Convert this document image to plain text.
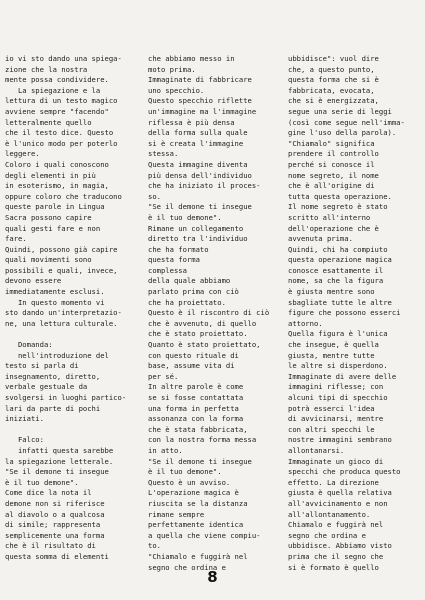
io vi sto dando una spiega-
zione che la nostra
mente possa condividere.
La spiegazione e la
lettura di un testo magico
avviene sempre "facendo"
letteralmente quello
che il testo dice. Questo
è l'unico modo per poterlo
leggere.
Coloro i quali conoscono
degli elementi in più
in esoterismo, in magia,
oppure coloro che traducono
queste parole in Lingua
Sacra possono capire
quali gesti fare e non
fare.
Quindi, possono già capire
quali movimenti sono
possibili e quali, invece,
devono essere
immediatamente esclusi.
In questo momento vi
sto dando un'interpretazio-
ne, una lettura culturale.
Domanda:
nell'introduzione del
testo si parla di
insegnamento, diretto,
verbale gestuale da
svolgersi in luoghi partico-
lari da parte di pochi
iniziati.
Falco:
infatti questa sarebbe
la spiegazione letterale.
"Se il demone ti insegue
è il tuo demone".
Come dice la nota il
demone non si riferisce
al diavolo o a qualcosa
di simile; rappresenta
semplicemente una forma
che è il risultato di
questa somma di elementi
che abbiamo messo in
moto prima.
Immaginate di fabbricare
uno specchio.
Questo specchio riflette
un'immagine ma l'immagine
riflessa è più densa
della forma sulla quale
si è creata l'immagine
stessa.
Questa immagine diventa
più densa dell'individuo
che ha iniziato il proces-
so.
"Se il demone ti insegue
è il tuo demone".
Rimane un collegamento
diretto tra l'individuo
che ha formato
questa forma
complessa
della quale abbiamo
parlato prima con ciò
che ha proiettato.
Questo è il riscontro di ciò
che è avvenuto, di quello
che è stato proiettato.
Quanto è stato proiettato,
con questo rituale di
base, assume vita di
per sé.
In altre parole è come
se si fosse contattata
una forma in perfetta
assonanza con la forma
che è stata fabbricata,
con la nostra forma messa
in atto.
"Se il demone ti insegue
è il tuo demone".
Questo è un avviso.
L'operazione magica è
riuscita se la distanza
rimane sempre
perfettamente identica
a quella che viene compiu-
to.
"Chiamalo e fuggirà nel
segno che ordina e
ubbidisce": vuol dire
che, a questo punto,
questa forma che si è
fabbricata, evocata,
che si è energizzata,
segue una serie di leggi
(così come segue nell'imma-
gine l'uso della parola).
"Chiamalo" significa
prendere il controllo
perché si conosce il
nome segreto, il nome
che è all'origine di
tutta questa operazione.
Il nome segreto è stato
scritto all'interno
dell'operazione che è
avvenuta prima.
Quindi, chi ha compiuto
questa operazione magica
conosce esattamente il
nome, sa che la figura
è giusta mentre sono
sbagliate tutte le altre
figure che possono esserci
attorno.
Quella figura è l'unica
che insegue, è quella
giusta, mentre tutte
le altre si disperdono.
Immaginate di avere delle
immagini riflesse; con
alcuni tipi di specchio
potrà esserci l'idea
di avvicinarsi, mentre
con altri specchi le
nostre immagini sembrano
allontanarsi.
Immaginate un gioco di
specchi che produca questo
effetto. La direzione
giusta è quella relativa
all'avvicinamento e non
all'allontanamento.
Chiamalo e fuggirà nel
segno che ordina e
ubbidisce. Abbiamo visto
prima che il segno che
si è formato è quello
8
